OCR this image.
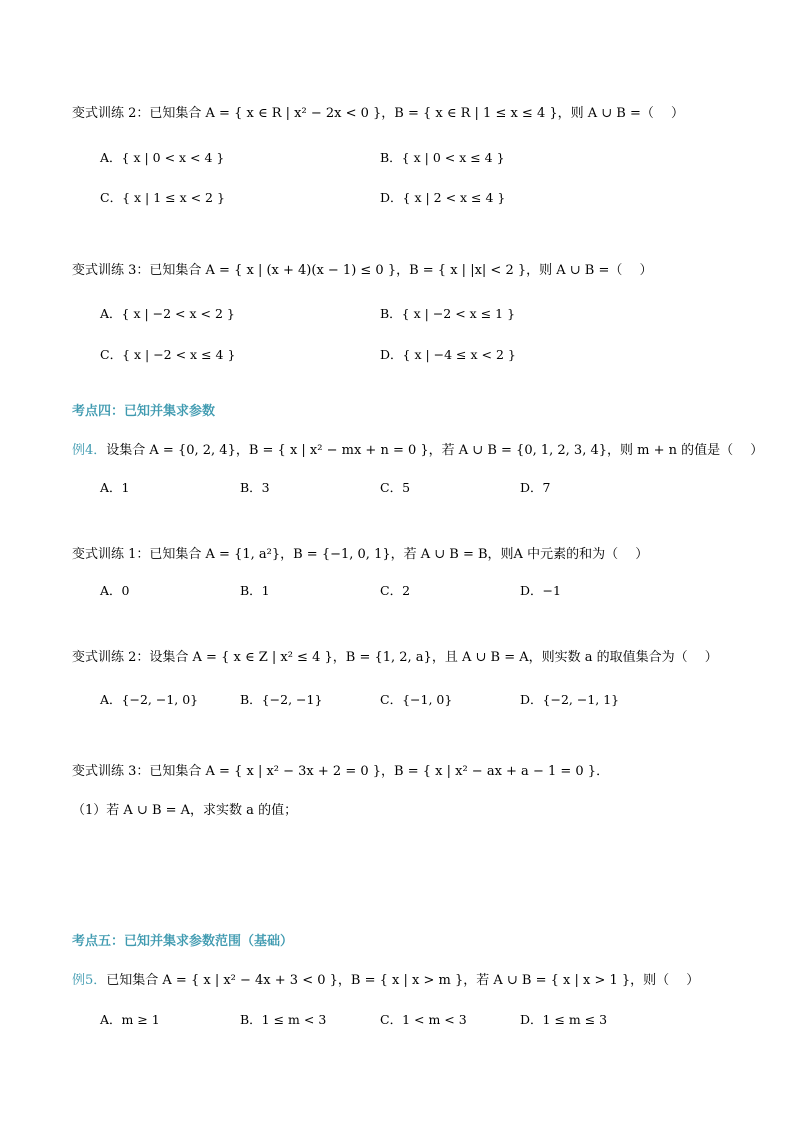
变式训练 2：已知集合 A = { x ∈ R | x² − 2x < 0 }，B = { x ∈ R | 1 ≤ x ≤ 4 }，则 A ∪ B =（　 ）
A．{ x | 0 < x < 4 }	B．{ x | 0 < x ≤ 4 }
C．{ x | 1 ≤ x < 2 }	D．{ x | 2 < x ≤ 4 }
变式训练 3：已知集合 A = { x | (x + 4)(x − 1) ≤ 0 }，B = { x | |x| < 2 }，则 A ∪ B =（　 ）
A．{ x | −2 < x < 2 }	B．{ x | −2 < x ≤ 1 }
C．{ x | −2 < x ≤ 4 }	D．{ x | −4 ≤ x < 2 }
考点四：已知并集求参数
例4．设集合 A = {0, 2, 4}，B = { x | x² − mx + n = 0 }，若 A ∪ B = {0, 1, 2, 3, 4}，则 m + n 的值是（　 ）
A．1	B．3	C．5	D．7
变式训练 1：已知集合 A = {1, a²}，B = {−1, 0, 1}，若 A ∪ B = B，则A 中元素的和为（　 ）
A．0	B．1	C．2	D．−1
变式训练 2：设集合 A = { x ∈ Z | x² ≤ 4 }，B = {1, 2, a}，且 A ∪ B = A，则实数 a 的取值集合为（　 ）
A．{−2, −1, 0}	B．{−2, −1}	C．{−1, 0}	D．{−2, −1, 1}
变式训练 3：已知集合 A = { x | x² − 3x + 2 = 0 }，B = { x | x² − ax + a − 1 = 0 }．
（1）若 A ∪ B = A，求实数 a 的值；
考点五：已知并集求参数范围（基础）
例5．已知集合 A = { x | x² − 4x + 3 < 0 }，B = { x | x > m }，若 A ∪ B = { x | x > 1 }，则（　 ）
A．m ≥ 1	B．1 ≤ m < 3	C．1 < m < 3	D．1 ≤ m ≤ 3
